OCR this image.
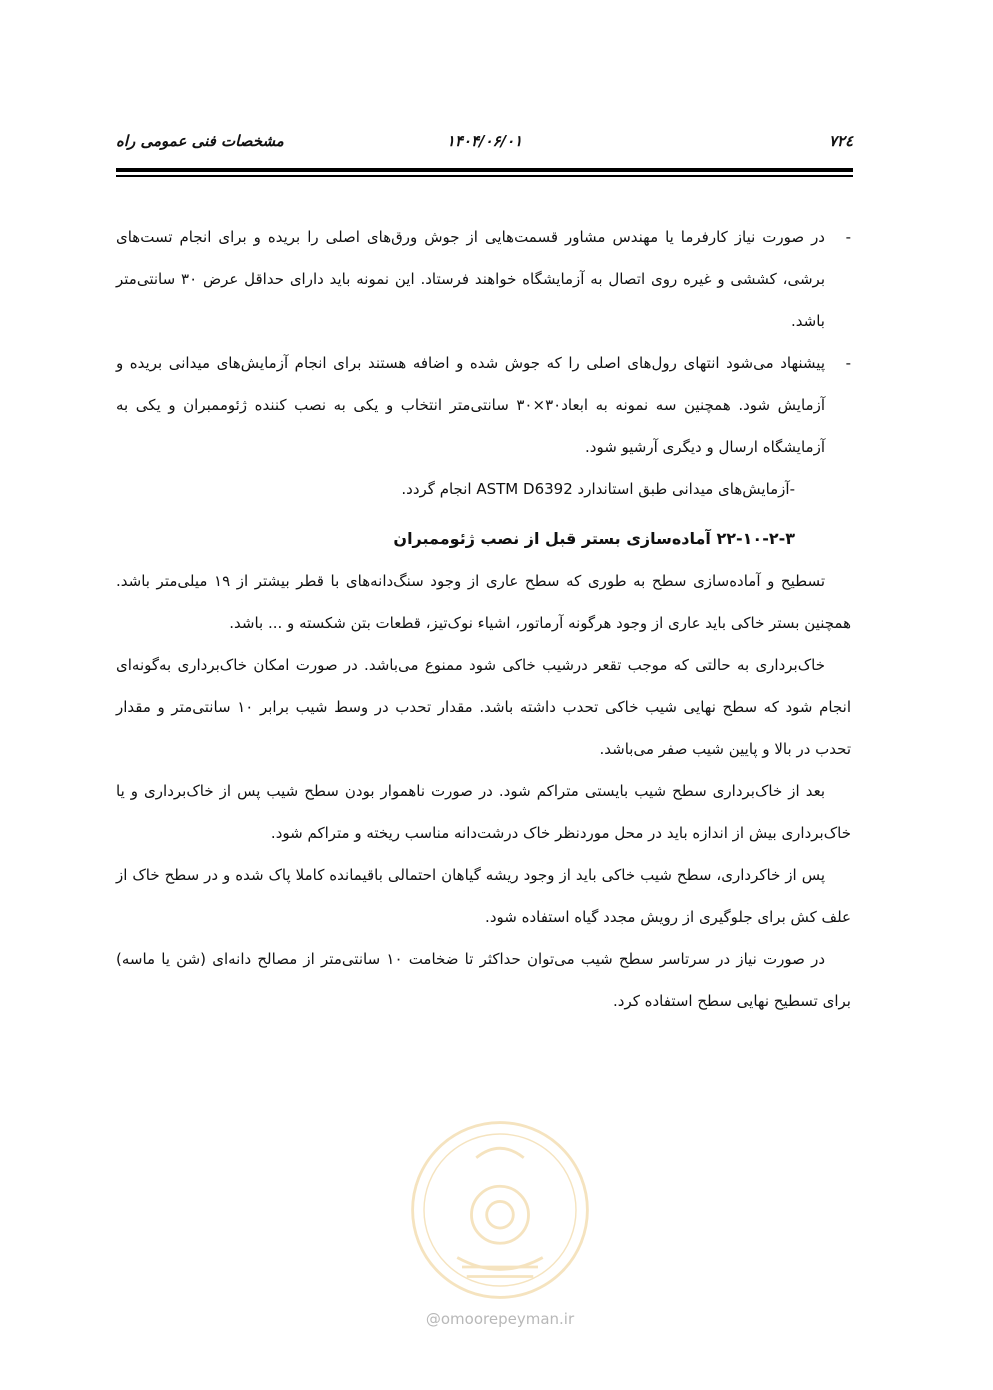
۷۲٤
۱۴۰۴/۰۶/۰۱
مشخصات فنی عمومی راه

-
در صورت نیاز کارفرما یا مهندس مشاور قسمت‌هایی از جوش ورق‌های اصلی را بریده و برای انجام تست‌های برشی، کششی و غیره روی اتصال به آزمایشگاه خواهند فرستاد. این نمونه باید دارای حداقل عرض ۳۰ سانتی‌متر باشد.

-
پیشنهاد می‌شود انتهای رول‌های اصلی را که جوش شده و اضافه هستند برای انجام آزمایش‌های میدانی بریده و آزمایش شود. همچنین سه نمونه به ابعاد۳۰×۳۰ سانتی‌متر انتخاب و یکی به نصب کننده ژئوممبران و یکی به آزمایشگاه ارسال و دیگری آرشیو شود.

-آزمایش‌های میدانی طبق استاندارد ASTM D6392 انجام گردد.

۲۲-۱۰-۲-۳ آماده‌سازی بستر قبل از نصب ژئوممبران

تسطیح و آماده‌سازی سطح به طوری که سطح عاری از وجود سنگ‌دانه‌های با قطر بیشتر از ۱۹ میلی‌متر باشد. همچنین بستر خاکی باید عاری از وجود هرگونه آرماتور، اشیاء نوک‌تیز، قطعات بتن شکسته و ... باشد.

خاک‌برداری به حالتی که موجب تقعر درشیب خاکی شود ممنوع می‌باشد. در صورت امکان خاک‌برداری به‌گونه‌ای انجام شود که سطح نهایی شیب خاکی تحدب داشته باشد. مقدار تحدب در وسط شیب برابر ۱۰ سانتی‌متر و مقدار تحدب در بالا و پایین شیب صفر می‌باشد.

بعد از خاک‌برداری سطح شیب بایستی متراکم شود. در صورت ناهموار بودن سطح شیب پس از خاک‌برداری و یا خاک‌برداری بیش از اندازه باید در محل موردنظر خاک درشت‌دانه مناسب ریخته و متراکم شود.

پس از خاکرداری، سطح شیب خاکی باید از وجود ریشه گیاهان احتمالی باقیمانده کاملا پاک شده و در سطح خاک از علف کش برای جلوگیری از رویش مجدد گیاه استفاده شود.

در صورت نیاز در سرتاسر سطح شیب می‌توان حداکثر تا ضخامت ۱۰ سانتی‌متر از مصالح دانه‌ای (شن یا ماسه) برای تسطیح نهایی سطح استفاده کرد.

@omoorepeyman.ir
